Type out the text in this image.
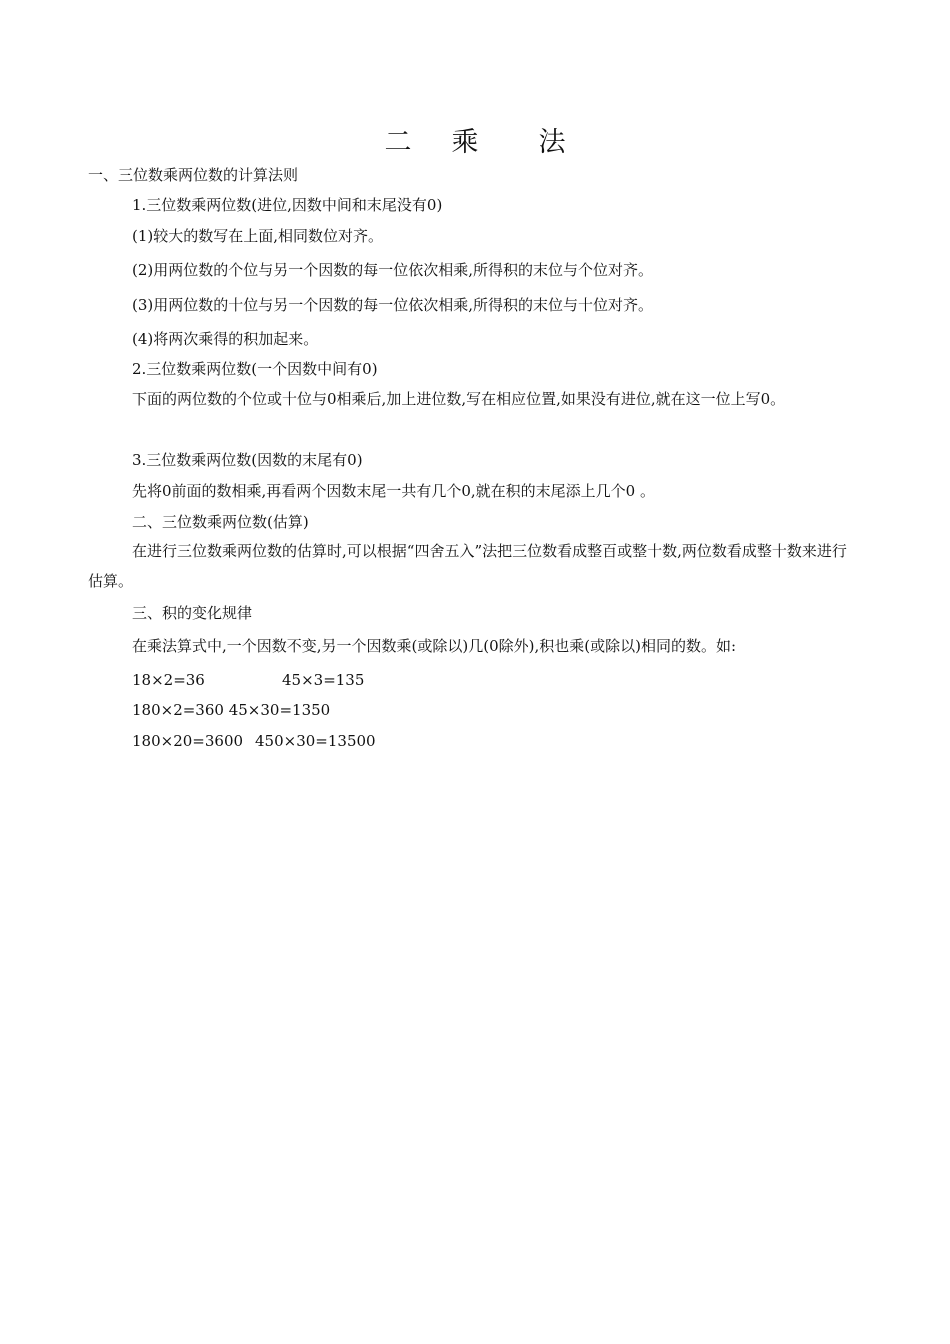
二 乘 法
一、三位数乘两位数的计算法则
1.三位数乘两位数(进位,因数中间和末尾没有0)
(1)较大的数写在上面,相同数位对齐。
(2)用两位数的个位与另一个因数的每一位依次相乘,所得积的末位与个位对齐。
(3)用两位数的十位与另一个因数的每一位依次相乘,所得积的末位与十位对齐。
(4)将两次乘得的积加起来。
2.三位数乘两位数(一个因数中间有0)
下面的两位数的个位或十位与0相乘后,加上进位数,写在相应位置,如果没有进位,就在这一位上写0。
3.三位数乘两位数(因数的末尾有0)
先将0前面的数相乘,再看两个因数末尾一共有几个0,就在积的末尾添上几个0 。
二、三位数乘两位数(估算)
在进行三位数乘两位数的估算时,可以根据“四舍五入”法把三位数看成整百或整十数,两位数看成整十数来进行估算。
三、积的变化规律
在乘法算式中,一个因数不变,另一个因数乘(或除以)几(0除外),积也乘(或除以)相同的数。如:
18×2=36	45×3=135
180×2=360 45×30=1350
180×20=3600 450×30=13500
